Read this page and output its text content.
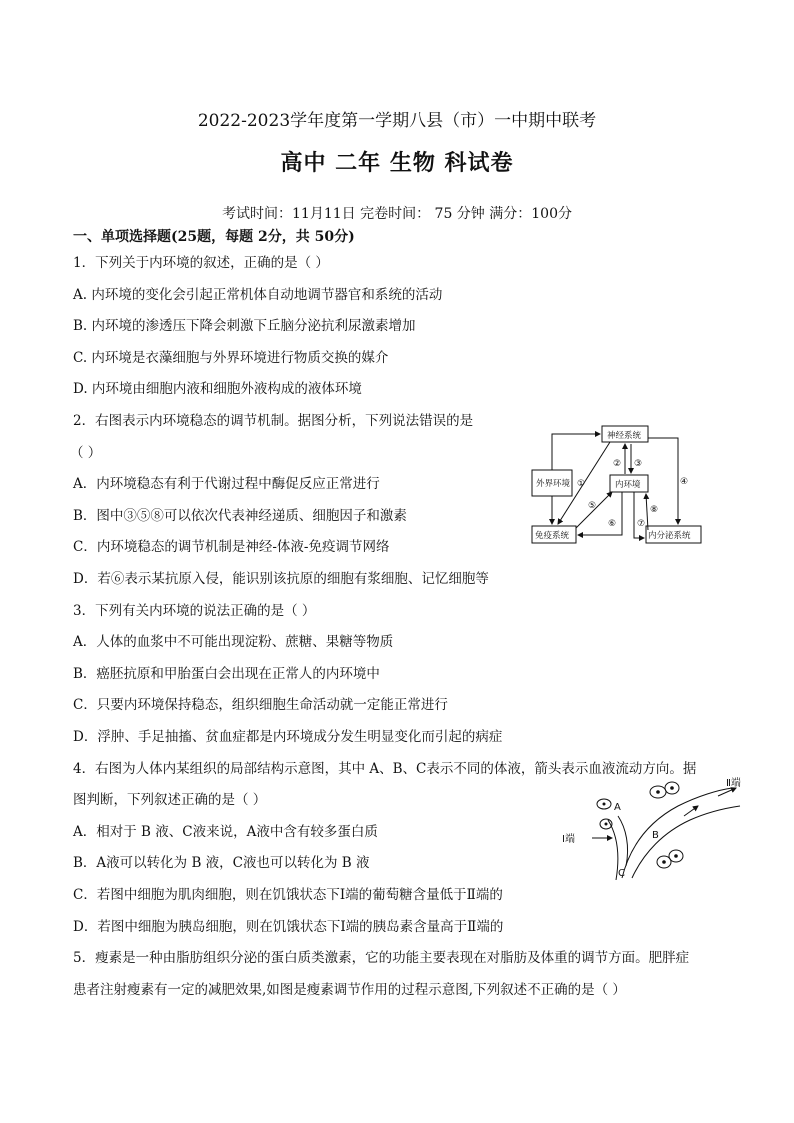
2022-2023学年度第一学期八县（市）一中期中联考
高中 二年 生物 科试卷
考试时间：11月11日 完卷时间： 75 分钟 满分：100分
一、单项选择题(25题，每题 2分，共 50分)
1．下列关于内环境的叙述，正确的是（ ）
A. 内环境的变化会引起正常机体自动地调节器官和系统的活动
B. 内环境的渗透压下降会刺激下丘脑分泌抗利尿激素增加
C. 内环境是衣藻细胞与外界环境进行物质交换的媒介
D. 内环境由细胞内液和细胞外液构成的液体环境
2．右图表示内环境稳态的调节机制。据图分析，下列说法错误的是
（ ）
A．内环境稳态有利于代谢过程中酶促反应正常进行
B．图中③⑤⑧可以依次代表神经递质、细胞因子和激素
C．内环境稳态的调节机制是神经-体液-免疫调节网络
D．若⑥表示某抗原入侵，能识别该抗原的细胞有浆细胞、记忆细胞等
神经系统
外界环境	内环境
免疫系统	内分泌系统
①
② ③
④
⑤
⑥ ⑦
⑧
3．下列有关内环境的说法正确的是（ ）
A．人体的血浆中不可能出现淀粉、蔗糖、果糖等物质
B．癌胚抗原和甲胎蛋白会出现在正常人的内环境中
C．只要内环境保持稳态，组织细胞生命活动就一定能正常进行
D．浮肿、手足抽搐、贫血症都是内环境成分发生明显变化而引起的病症
4．右图为人体内某组织的局部结构示意图，其中 A、B、C表示不同的体液，箭头表示血液流动方向。据
图判断，下列叙述正确的是（ ）
A．相对于 B 液、C液来说，A液中含有较多蛋白质
B．A液可以转化为 B 液，C液也可以转化为 B 液
C．若图中细胞为肌肉细胞，则在饥饿状态下Ⅰ端的葡萄糖含量低于Ⅱ端的
D．若图中细胞为胰岛细胞，则在饥饿状态下Ⅰ端的胰岛素含量高于Ⅱ端的
Ⅰ端
Ⅱ端
A
B
C
5．瘦素是一种由脂肪组织分泌的蛋白质类激素，它的功能主要表现在对脂肪及体重的调节方面。肥胖症
患者注射瘦素有一定的减肥效果,如图是瘦素调节作用的过程示意图,下列叙述不正确的是（ ）
